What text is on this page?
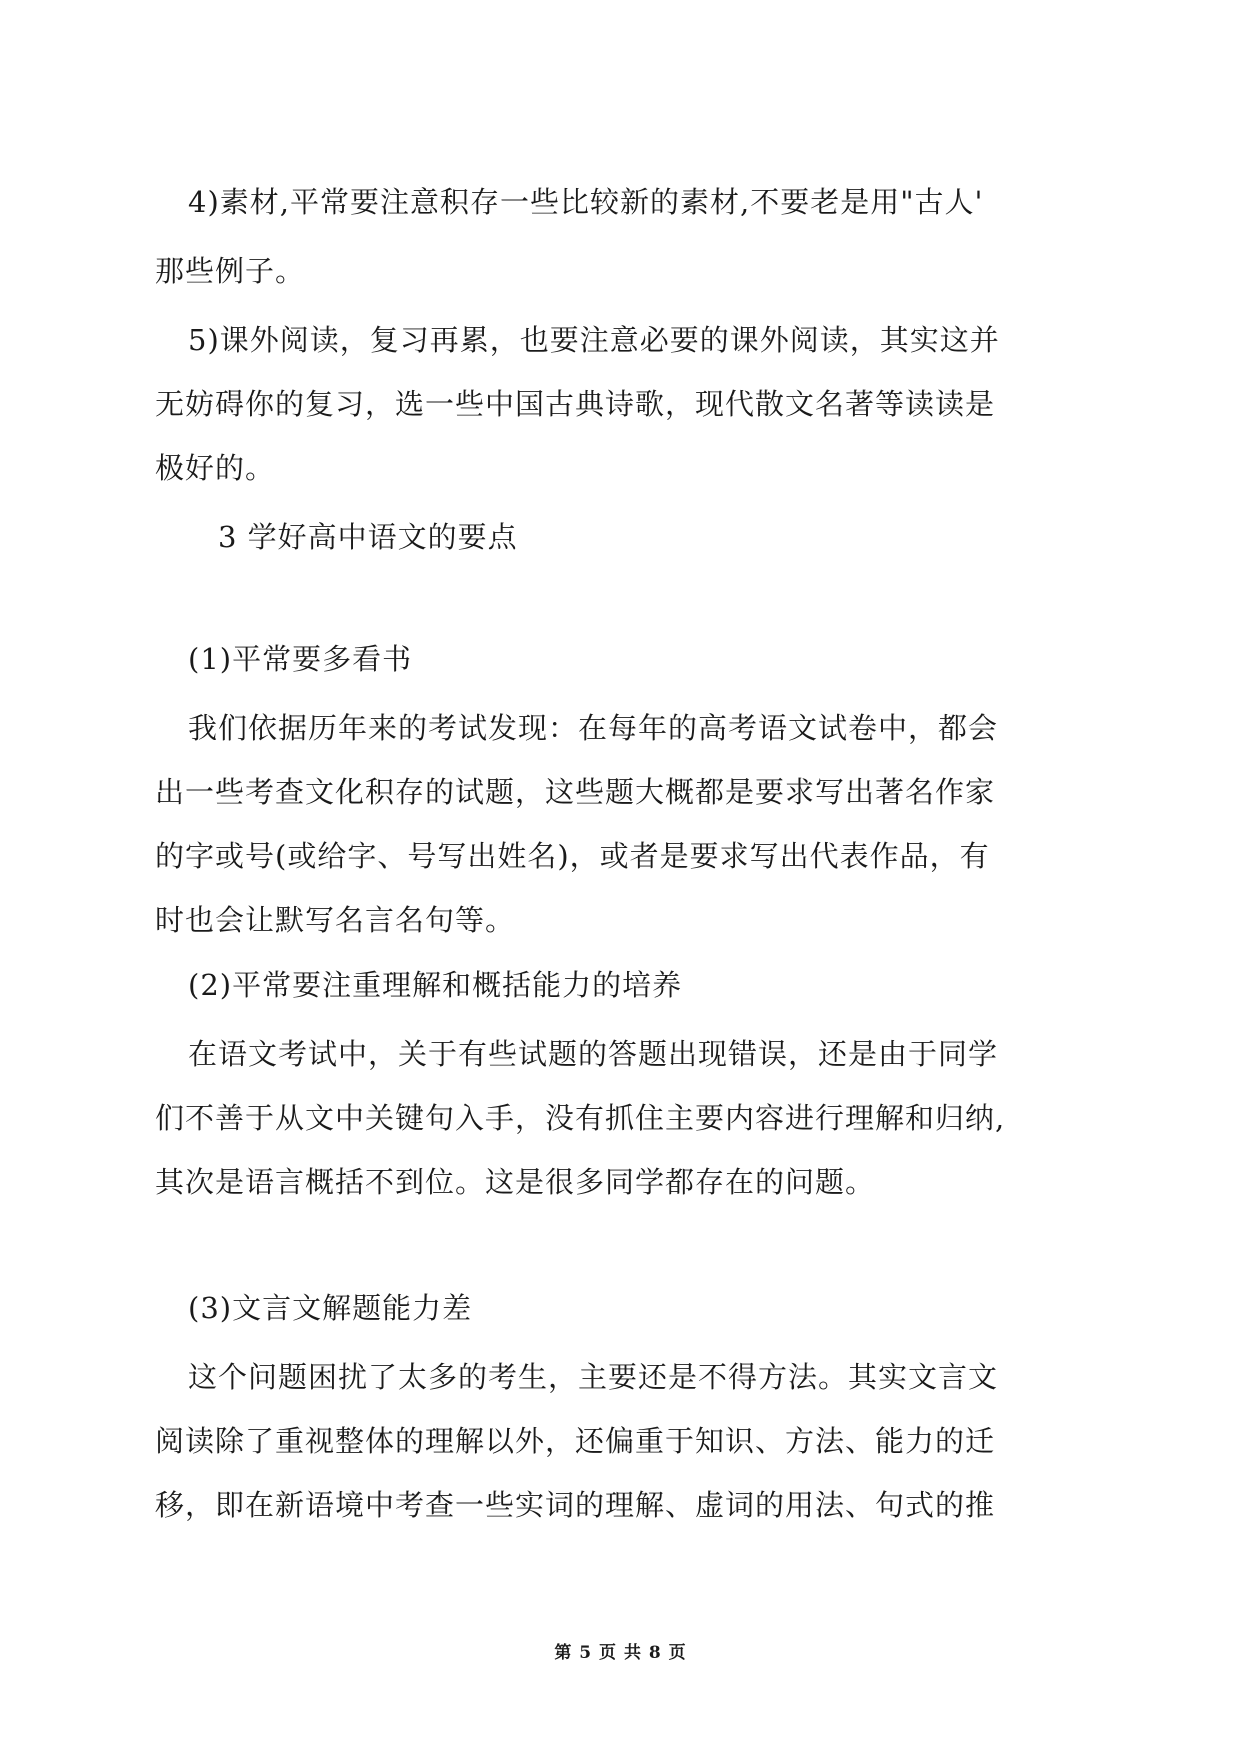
4)素材,平常要注意积存一些比较新的素材,不要老是用"古人'
那些例子。
5)课外阅读，复习再累，也要注意必要的课外阅读，其实这并
无妨碍你的复习，选一些中国古典诗歌，现代散文名著等读读是
极好的。
3 学好高中语文的要点
(1)平常要多看书
我们依据历年来的考试发现：在每年的高考语文试卷中，都会
出一些考查文化积存的试题，这些题大概都是要求写出著名作家
的字或号(或给字、号写出姓名)，或者是要求写出代表作品，有
时也会让默写名言名句等。
(2)平常要注重理解和概括能力的培养
在语文考试中，关于有些试题的答题出现错误，还是由于同学
们不善于从文中关键句入手，没有抓住主要内容进行理解和归纳,
其次是语言概括不到位。这是很多同学都存在的问题。
(3)文言文解题能力差
这个问题困扰了太多的考生，主要还是不得方法。其实文言文
阅读除了重视整体的理解以外，还偏重于知识、方法、能力的迁
移，即在新语境中考查一些实词的理解、虚词的用法、句式的推
第 5 页 共 8 页
